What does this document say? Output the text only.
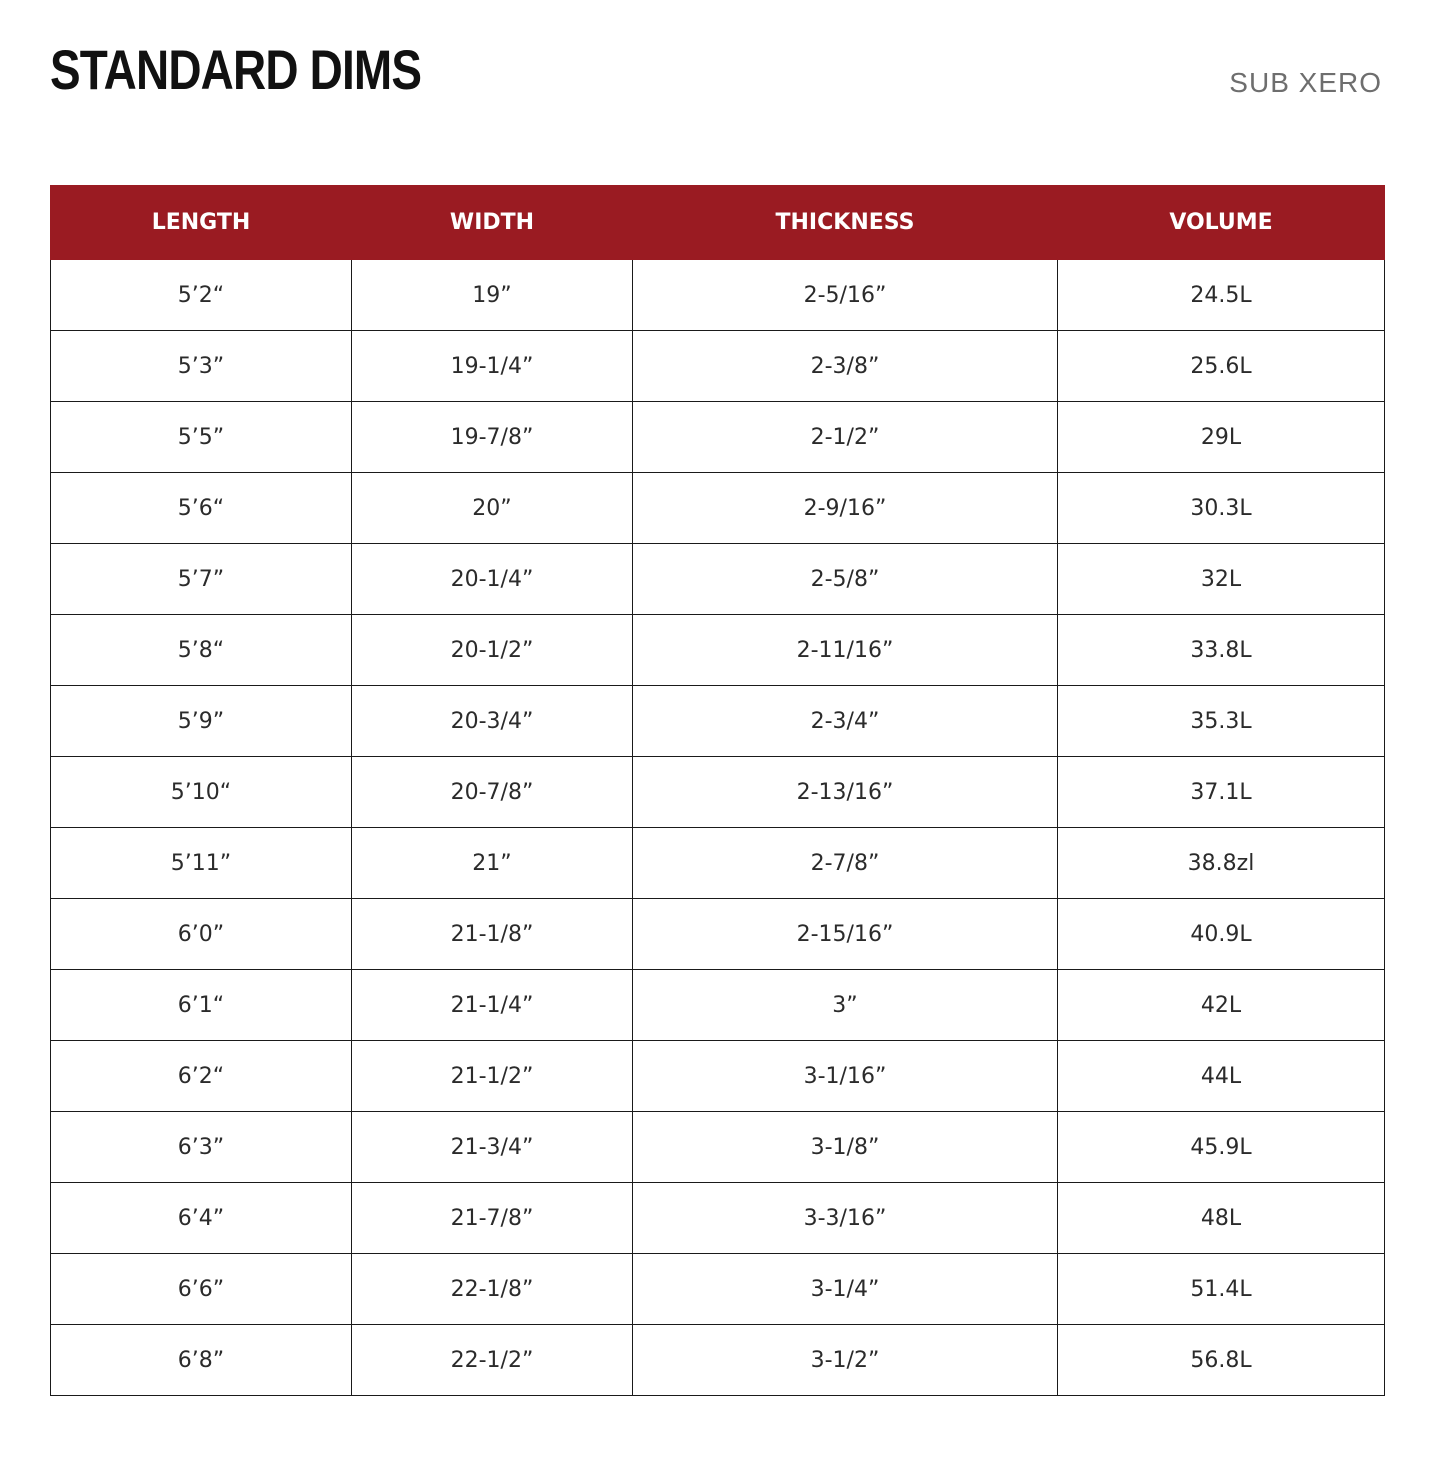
STANDARD DIMS	SUB XERO
LENGTH	WIDTH	THICKNESS	VOLUME
5’2“	19”	2-5/16”	24.5L
5’3”	19-1/4”	2-3/8”	25.6L
5’5”	19-7/8”	2-1/2”	29L
5’6“	20”	2-9/16”	30.3L
5’7”	20-1/4”	2-5/8”	32L
5’8“	20-1/2”	2-11/16”	33.8L
5’9”	20-3/4”	2-3/4”	35.3L
5’10“	20-7/8”	2-13/16”	37.1L
5’11”	21”	2-7/8”	38.8zl
6’0”	21-1/8”	2-15/16”	40.9L
6’1“	21-1/4”	3”	42L
6’2“	21-1/2”	3-1/16”	44L
6’3”	21-3/4”	3-1/8”	45.9L
6’4”	21-7/8”	3-3/16”	48L
6’6”	22-1/8”	3-1/4”	51.4L
6’8”	22-1/2”	3-1/2”	56.8L
